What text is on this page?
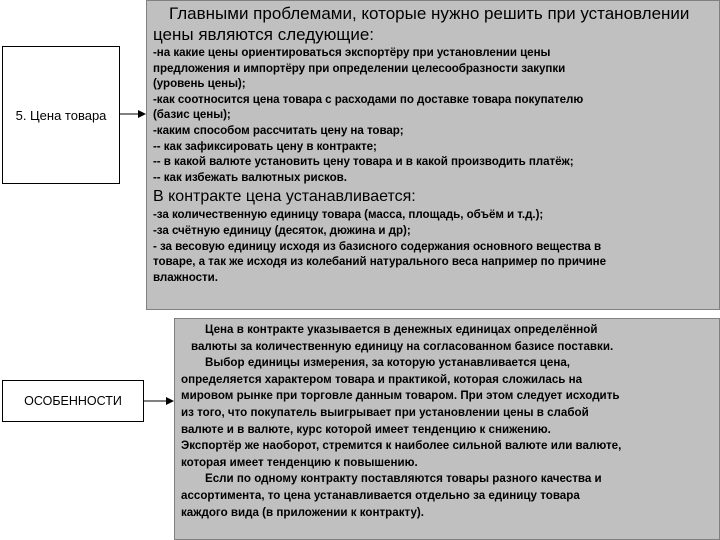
5. Цена товара
ОСОБЕННОСТИ
Главными проблемами, которые нужно решить при установлении цены являются следующие:
-на какие цены ориентироваться экспортёру при установлении цены
предложения и импортёру при определении целесообразности закупки
(уровень цены);
-как соотносится цена товара с расходами по доставке товара покупателю
(базис цены);
-каким способом рассчитать цену на товар;
-- как зафиксировать цену в контракте;
-- в какой валюте установить цену товара и в какой производить платёж;
-- как избежать валютных рисков.
В контракте цена устанавливается:
-за количественную единицу товара (масса, площадь, объём и т.д.);
-за счётную единицу (десяток, дюжина и др);
- за весовую единицу исходя из базисного содержания основного вещества в
товаре, а так же исходя из колебаний натурального веса например по причине
влажности.

Цена в контракте указывается в денежных единицах определённой

валюты за количественную единицу на согласованном базисе поставки.

Выбор единицы измерения, за которую устанавливается цена,

определяется характером товара и практикой, которая сложилась на

мировом рынке при торговле данным товаром. При этом следует исходить

из того, что покупатель выигрывает при установлении цены в слабой

валюте и в валюте, курс которой имеет тенденцию к снижению.

Экспортёр же наоборот, стремится к наиболее сильной валюте или валюте,

которая имеет тенденцию к повышению.

Если по одному контракту поставляются товары разного качества и

ассортимента, то цена устанавливается отдельно за единицу товара

каждого вида (в приложении к контракту).
